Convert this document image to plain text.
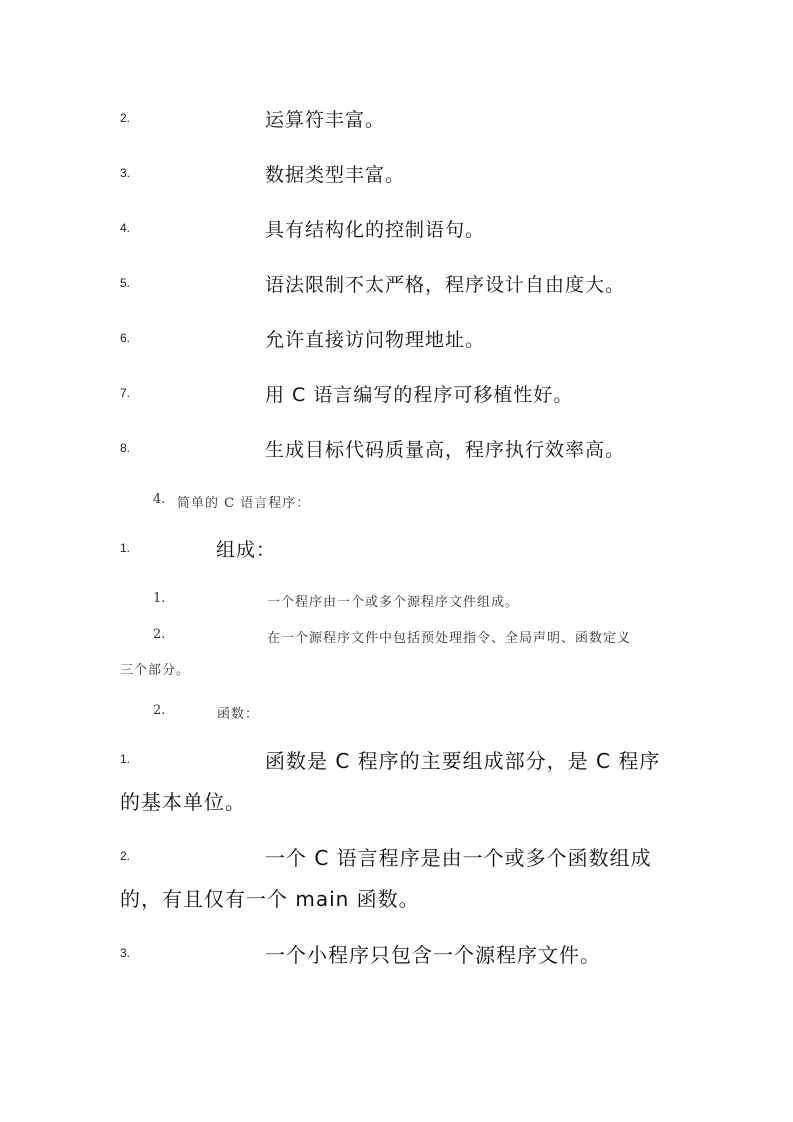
2.	运算符丰富。
3.	数据类型丰富。
4.	具有结构化的控制语句。
5.	语法限制不太严格，程序设计自由度大。
6.	允许直接访问物理地址。
7.	用 C 语言编写的程序可移植性好。
8.	生成目标代码质量高，程序执行效率高。
4. 简单的 C 语言程序：
1.	组成：
1.	一个程序由一个或多个源程序文件组成。
2.	在一个源程序文件中包括预处理指令、全局声明、函数定义
三个部分。
2.	函数：
1.	函数是 C 程序的主要组成部分，是 C 程序
的基本单位。
2.	一个 C 语言程序是由一个或多个函数组成
的，有且仅有一个 main 函数。
3.	一个小程序只包含一个源程序文件。
